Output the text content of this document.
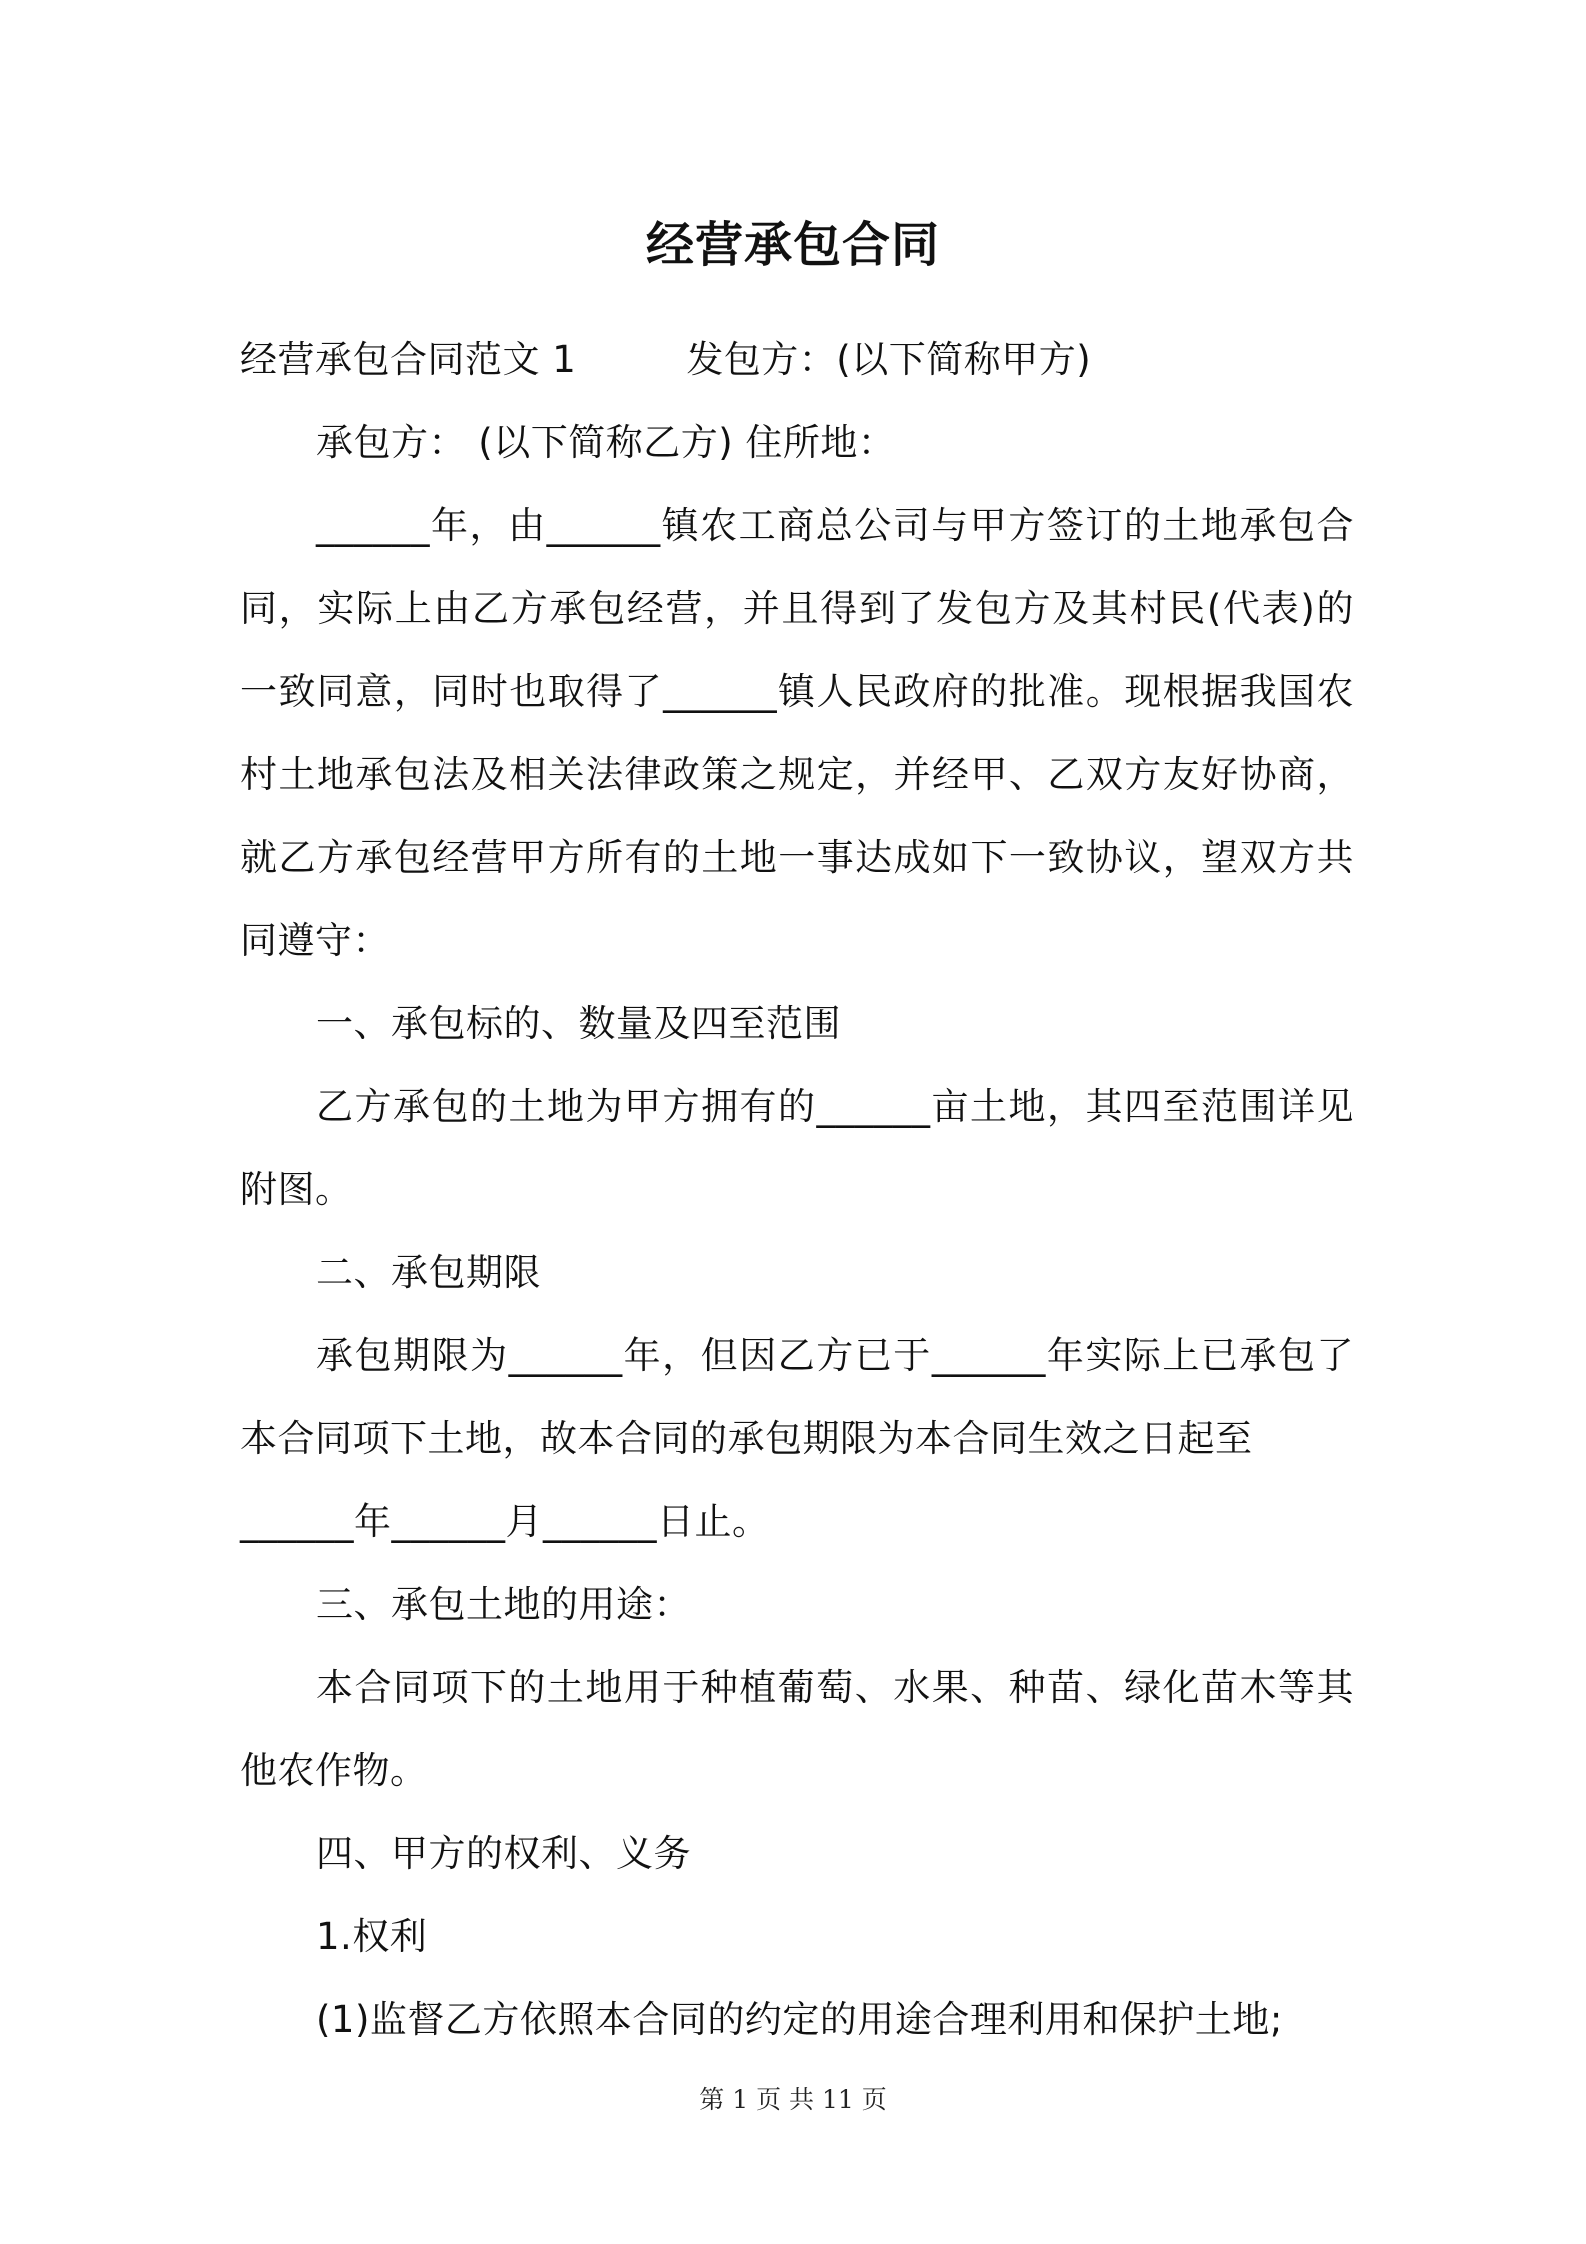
经营承包合同

经营承包合同范文 1	发包方：(以下简称甲方)

承包方： (以下简称乙方) 住所地：

______年，由______镇农工商总公司与甲方签订的土地承包合同，实际上由乙方承包经营，并且得到了发包方及其村民(代表)的一致同意，同时也取得了______镇人民政府的批准。现根据我国农村土地承包法及相关法律政策之规定，并经甲、乙双方友好协商，就乙方承包经营甲方所有的土地一事达成如下一致协议，望双方共同遵守：

一、承包标的、数量及四至范围

乙方承包的土地为甲方拥有的______亩土地，其四至范围详见附图。

二、承包期限

承包期限为______年，但因乙方已于______年实际上已承包了本合同项下土地，故本合同的承包期限为本合同生效之日起至

______年______月______日止。

三、承包土地的用途：

本合同项下的土地用于种植葡萄、水果、种苗、绿化苗木等其他农作物。

四、甲方的权利、义务

1.权利

(1)监督乙方依照本合同的约定的用途合理利用和保护土地;

第 1 页 共 11 页
